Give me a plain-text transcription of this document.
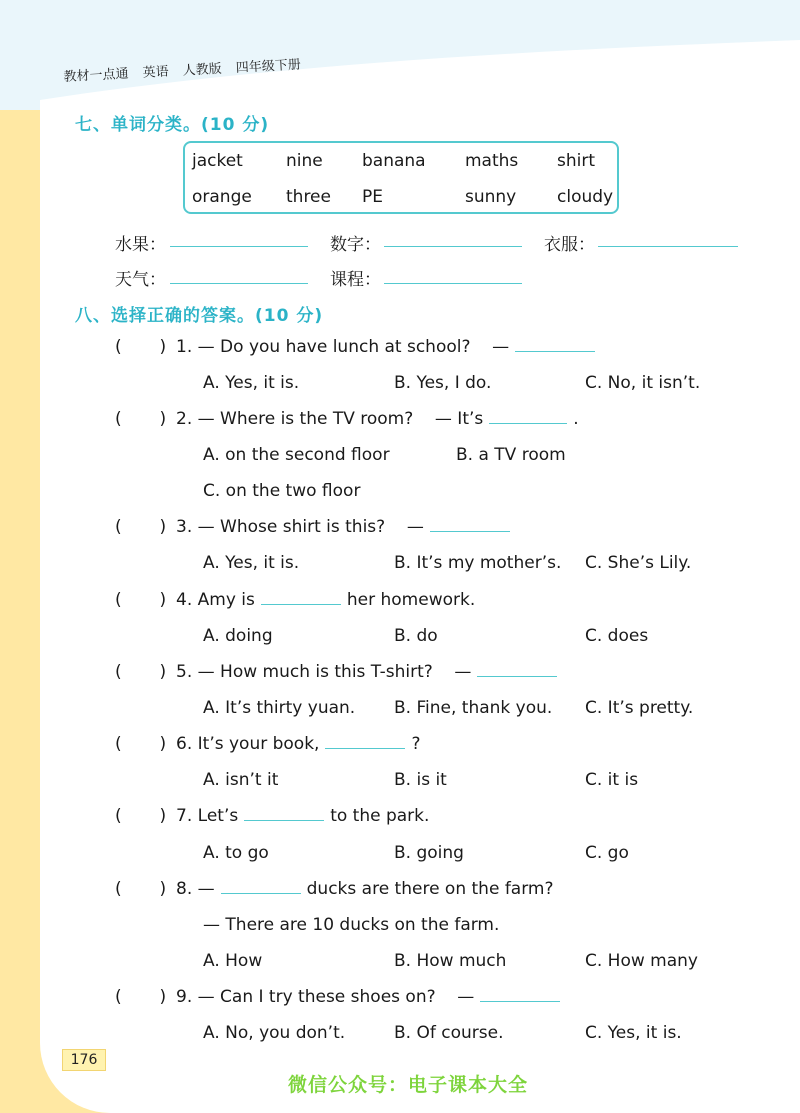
教材一点通 英语 人教版 四年级下册
七、单词分类。(10 分)
jacket	nine banana maths shirt
orange three PE	sunny cloudy
水果：	数字：	衣服：
天气：	课程：
八、选择正确的答案。(10 分)
(       ) 1. — Do you have lunch at school? —
A. Yes, it is.	B. Yes, I do.	C. No, it isn’t.
(       ) 2. — Where is the TV room? — It’s	.
A. on the second floor	B. a TV room
C. on the two floor
(       ) 3. — Whose shirt is this? —
A. Yes, it is.	B. It’s my mother’s. C. She’s Lily.
(       ) 4. Amy is	her homework.
A. doing	B. do	C. does
(       ) 5. — How much is this T-shirt? —
A. It’s thirty yuan. B. Fine, thank you. C. It’s pretty.
(       ) 6. It’s your book,	?
A. isn’t it	B. is it	C. it is
(       ) 7. Let’s	to the park.
A. to go	B. going	C. go
(       ) 8. —	ducks are there on the farm?
— There are 10 ducks on the farm.
A. How	B. How much	C. How many
(       ) 9. — Can I try these shoes on? —
A. No, you don’t.	B. Of course.	C. Yes, it is.
176
微信公众号：电子课本大全
